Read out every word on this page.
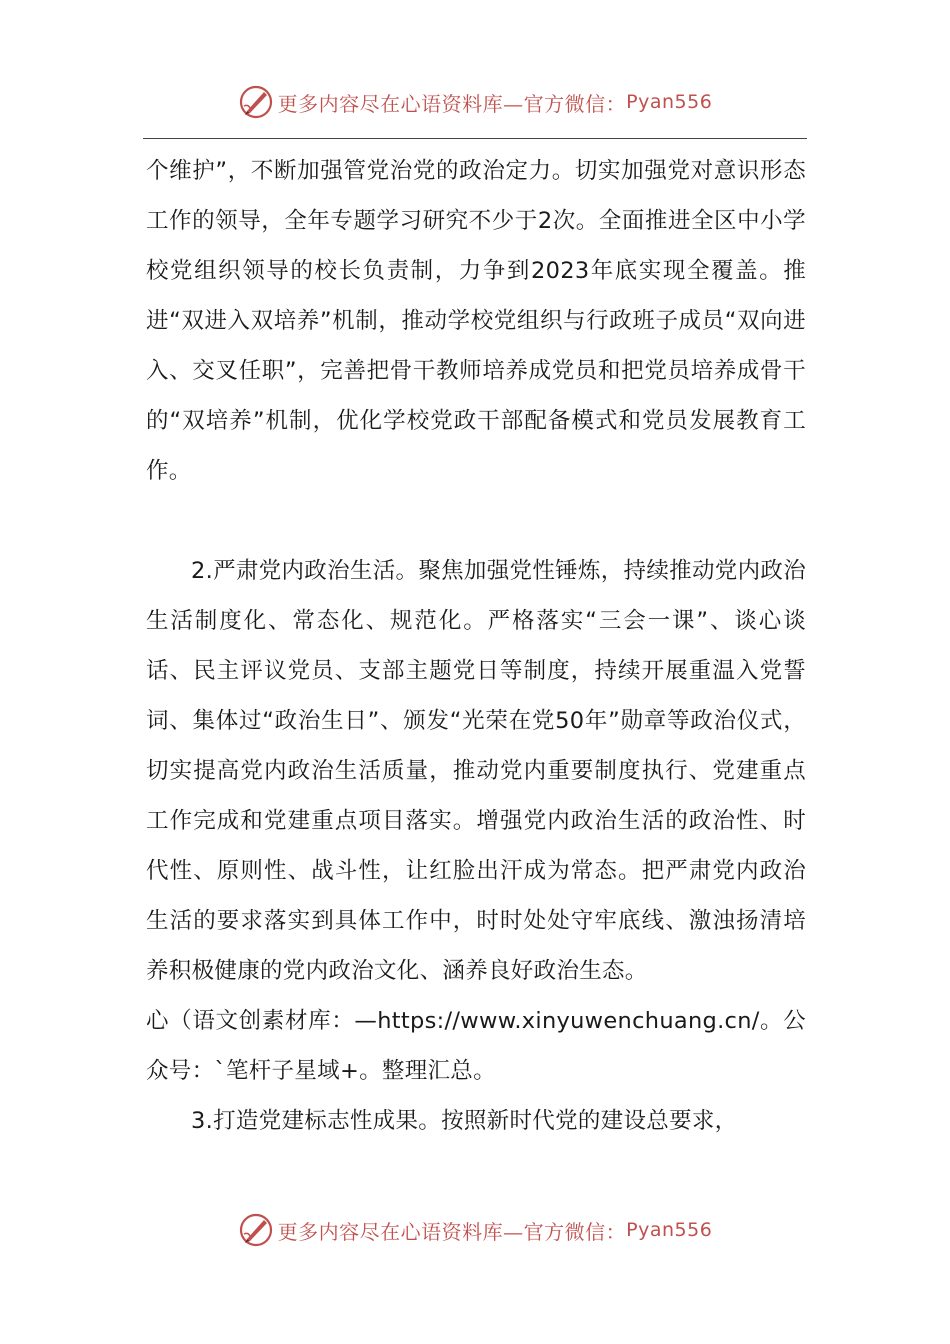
更多内容尽在心语资料库—官方微信： Pyan556

个维护”，不断加强管党治党的政治定力。切实加强党对意识形态工作的领导，全年专题学习研究不少于2次。全面推进全区中小学校党组织领导的校长负责制，力争到2023年底实现全覆盖。推进“双进入双培养”机制，推动学校党组织与行政班子成员“双向进入、交叉任职”，完善把骨干教师培养成党员和把党员培养成骨干的“双培养”机制，优化学校党政干部配备模式和党员发展教育工作。

2.严肃党内政治生活。聚焦加强党性锤炼，持续推动党内政治生活制度化、常态化、规范化。严格落实“三会一课”、谈心谈话、民主评议党员、支部主题党日等制度，持续开展重温入党誓词、集体过“政治生日”、颁发“光荣在党50年”勋章等政治仪式，切实提高党内政治生活质量，推动党内重要制度执行、党建重点工作完成和党建重点项目落实。增强党内政治生活的政治性、时代性、原则性、战斗性，让红脸出汗成为常态。把严肃党内政治生活的要求落实到具体工作中，时时处处守牢底线、激浊扬清培养积极健康的党内政治文化、涵养良好政治生态。

心（语文创素材库：—https://www.xinyuwenchuang.cn/。公众号：`笔杆子星域+。整理汇总。

3.打造党建标志性成果。按照新时代党的建设总要求，

更多内容尽在心语资料库—官方微信： Pyan556
